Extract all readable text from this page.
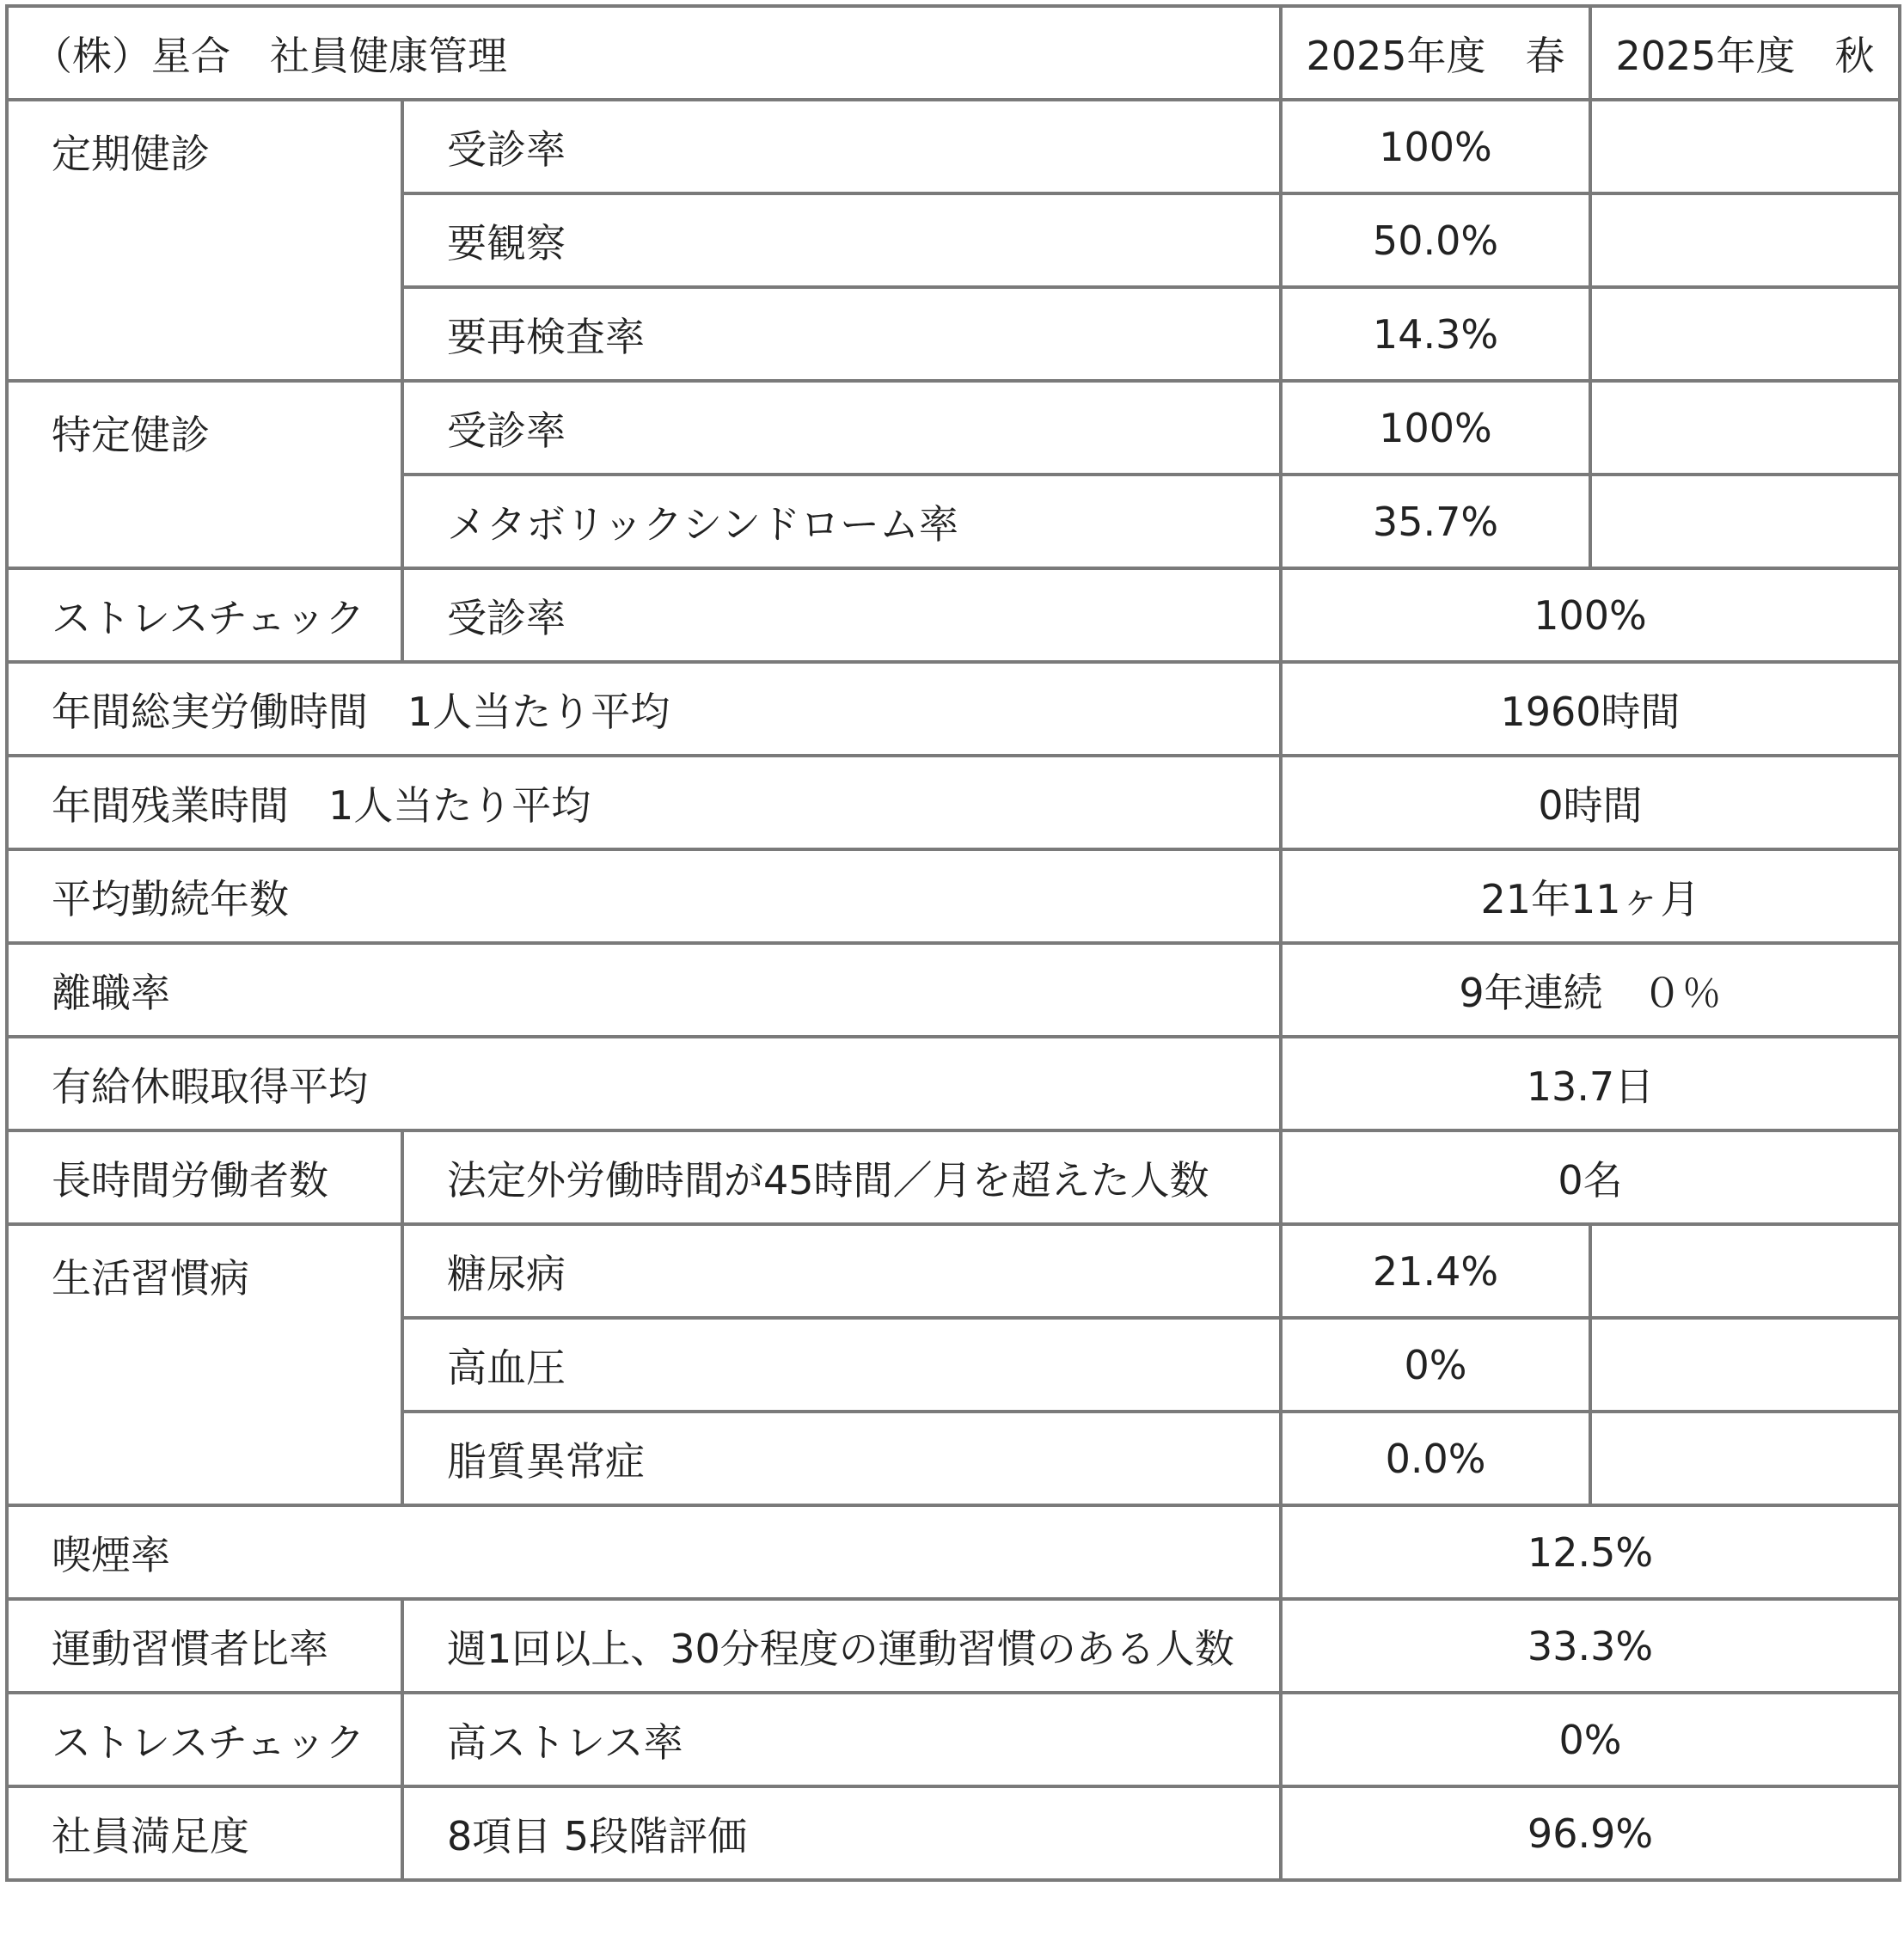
（株）星合　社員健康管理		2025年度　春	2025年度　秋
定期健診	受診率	100%	
	要観察	50.0%	
	要再検査率	14.3%	
特定健診	受診率	100%	
	メタボリックシンドローム率	35.7%	
ストレスチェック	受診率	100%	
年間総実労働時間　1人当たり平均		1960時間	
年間残業時間　1人当たり平均		0時間	
平均勤続年数		21年11ヶ月	
離職率		9年連続　０％	
有給休暇取得平均		13.7日	
長時間労働者数	法定外労働時間が45時間／月を超えた人数	0名	
生活習慣病	糖尿病	21.4%	
	高血圧	0%	
	脂質異常症	0.0%	
喫煙率		12.5%	
運動習慣者比率	週1回以上、30分程度の運動習慣のある人数	33.3%	
ストレスチェック	高ストレス率	0%	
社員満足度	8項目 5段階評価	96.9%	
